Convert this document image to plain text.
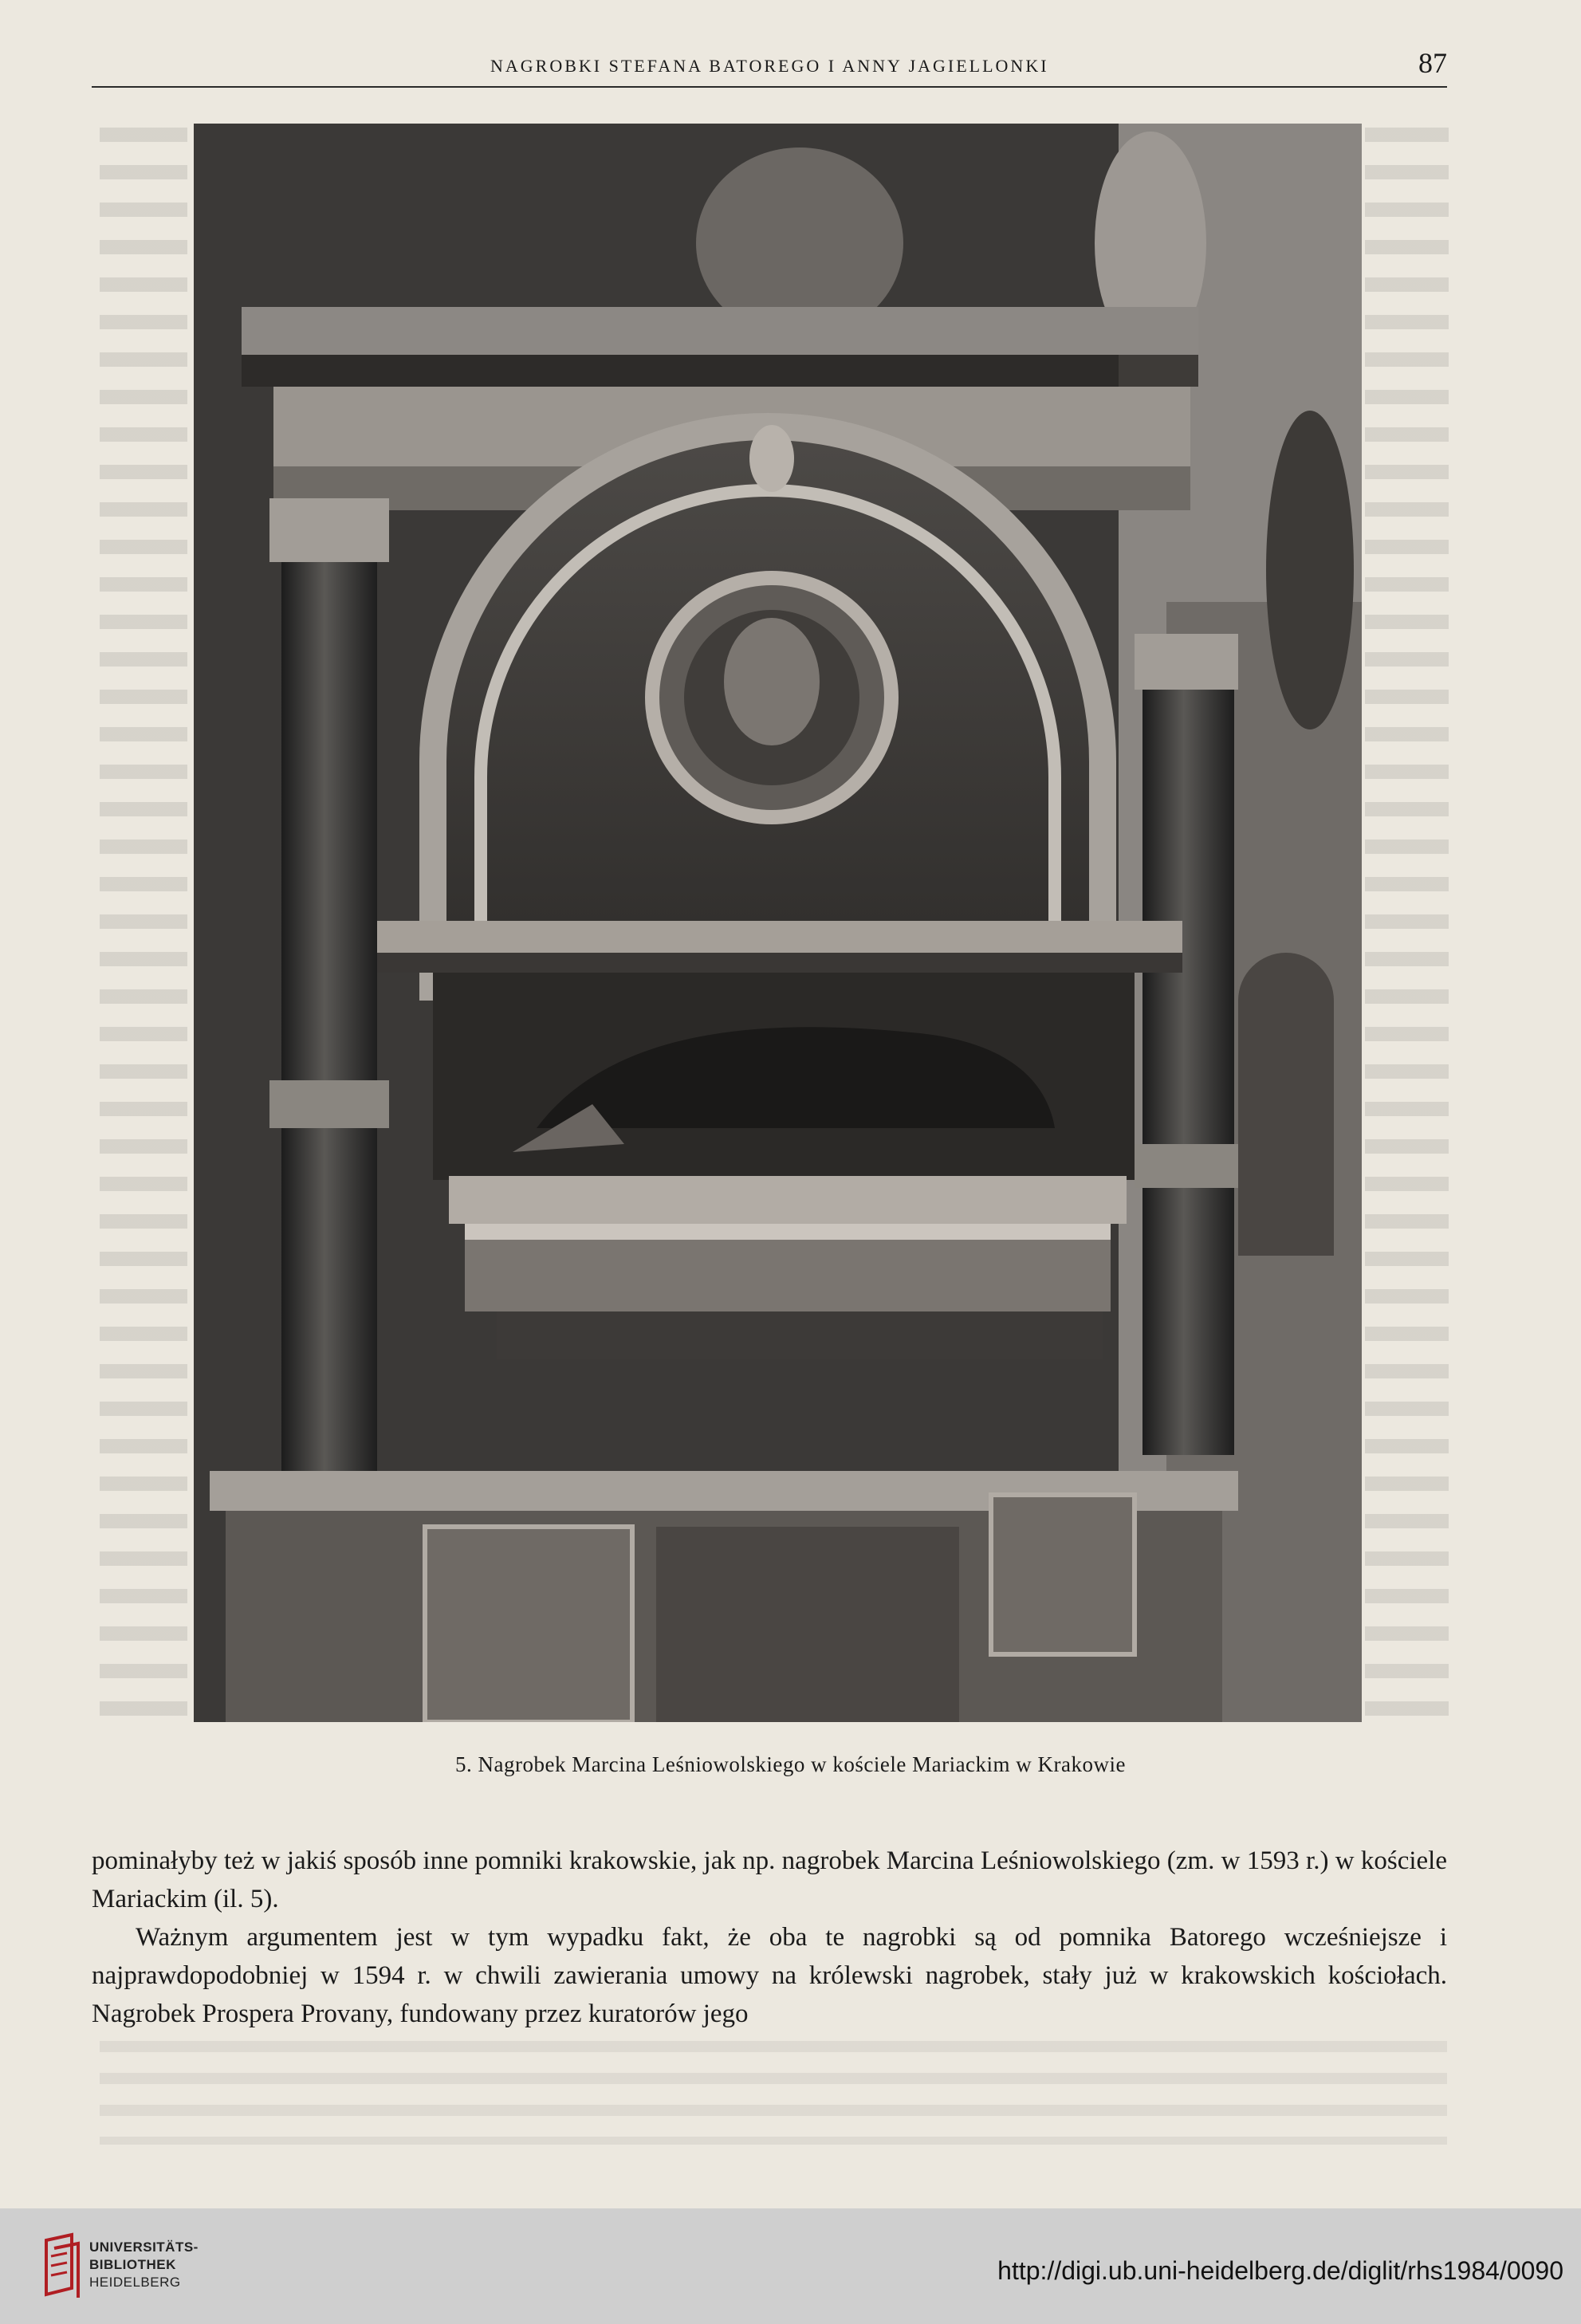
NAGROBKI STEFANA BATOREGO I ANNY JAGIELLONKI	87
5. Nagrobek Marcina Leśniowolskiego w kościele Mariackim w Krakowie

pominałyby też w jakiś sposób inne pomniki krakowskie, jak np. nagrobek Marcina Leśniowolskiego (zm. w 1593 r.) w kościele Mariackim (il. 5).

Ważnym argumentem jest w tym wypadku fakt, że oba te nagrobki są od pomnika Batorego wcześniejsze i najprawdopodobniej w 1594 r. w chwili zawierania umowy na królewski nagrobek, stały już w krakowskich kościołach. Nagrobek Prospera Provany, fundowany przez kuratorów jego

UNIVERSITÄTS-
BIBLIOTHEK
HEIDELBERG	http://digi.ub.uni-heidelberg.de/diglit/rhs1984/0090
